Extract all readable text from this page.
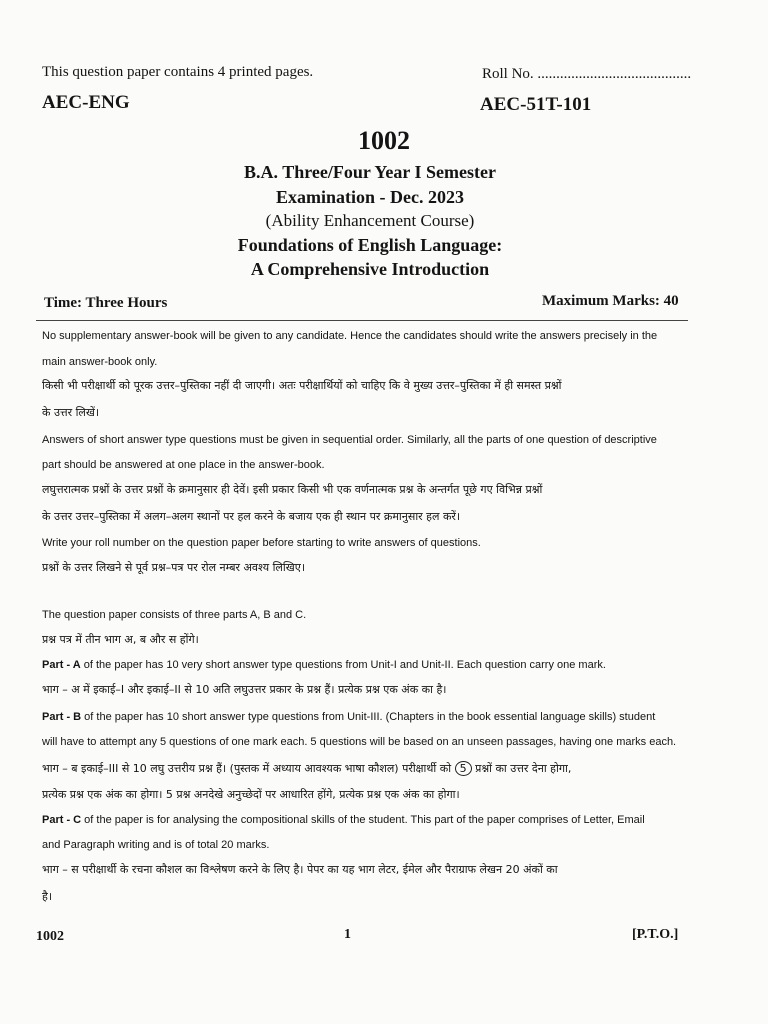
This question paper contains 4 printed pages.	Roll No. .........................................
AEC-ENG	AEC-51T-101
1002
B.A. Three/Four Year I Semester
Examination - Dec. 2023
(Ability Enhancement Course)
Foundations of English Language:
A Comprehensive Introduction
Time: Three Hours	Maximum Marks: 40
No supplementary answer-book will be given to any candidate. Hence the candidates should write the answers precisely in the
main answer-book only.
किसी भी परीक्षार्थी को पूरक उत्तर–पुस्तिका नहीं दी जाएगी। अतः परीक्षार्थियों को चाहिए कि वे मुख्य उत्तर–पुस्तिका में ही समस्त प्रश्नों
के उत्तर लिखें।
Answers of short answer type questions must be given in sequential order. Similarly, all the parts of one question of descriptive
part should be answered at one place in the answer-book.
लघुत्तरात्मक प्रश्नों के उत्तर प्रश्नों के क्रमानुसार ही देवें। इसी प्रकार किसी भी एक वर्णनात्मक प्रश्न के अन्तर्गत पूछे गए विभिन्न प्रश्नों
के उत्तर उत्तर–पुस्तिका में अलग–अलग स्थानों पर हल करने के बजाय एक ही स्थान पर क्रमानुसार हल करें।
Write your roll number on the question paper before starting to write answers of questions.
प्रश्नों के उत्तर लिखने से पूर्व प्रश्न–पत्र पर रोल नम्बर अवश्य लिखिए।
The question paper consists of three parts A, B and C.
प्रश्न पत्र में तीन भाग अ, ब और स होंगे।
Part - A of the paper has 10 very short answer type questions from Unit-I and Unit-II. Each question carry one mark.
भाग – अ में इकाई–I और इकाई–II से 10 अति लघुउत्तर प्रकार के प्रश्न हैं। प्रत्येक प्रश्न एक अंक का है।
Part - B of the paper has 10 short answer type questions from Unit-III. (Chapters in the book essential language skills) student
will have to attempt any 5 questions of one mark each. 5 questions will be based on an unseen passages, having one marks each.
भाग – ब इकाई–III से 10 लघु उत्तरीय प्रश्न हैं। (पुस्तक में अध्याय आवश्यक भाषा कौशल) परीक्षार्थी को 5 प्रश्नों का उत्तर देना होगा,
प्रत्येक प्रश्न एक अंक का होगा। 5 प्रश्न अनदेखे अनुच्छेदों पर आधारित होंगे, प्रत्येक प्रश्न एक अंक का होगा।
Part - C of the paper is for analysing the compositional skills of the student. This part of the paper comprises of Letter, Email
and Paragraph writing and is of total 20 marks.
भाग – स परीक्षार्थी के रचना कौशल का विश्लेषण करने के लिए है। पेपर का यह भाग लेटर, ईमेल और पैराग्राफ लेखन 20 अंकों का
है।
1002	1	[P.T.O.]
